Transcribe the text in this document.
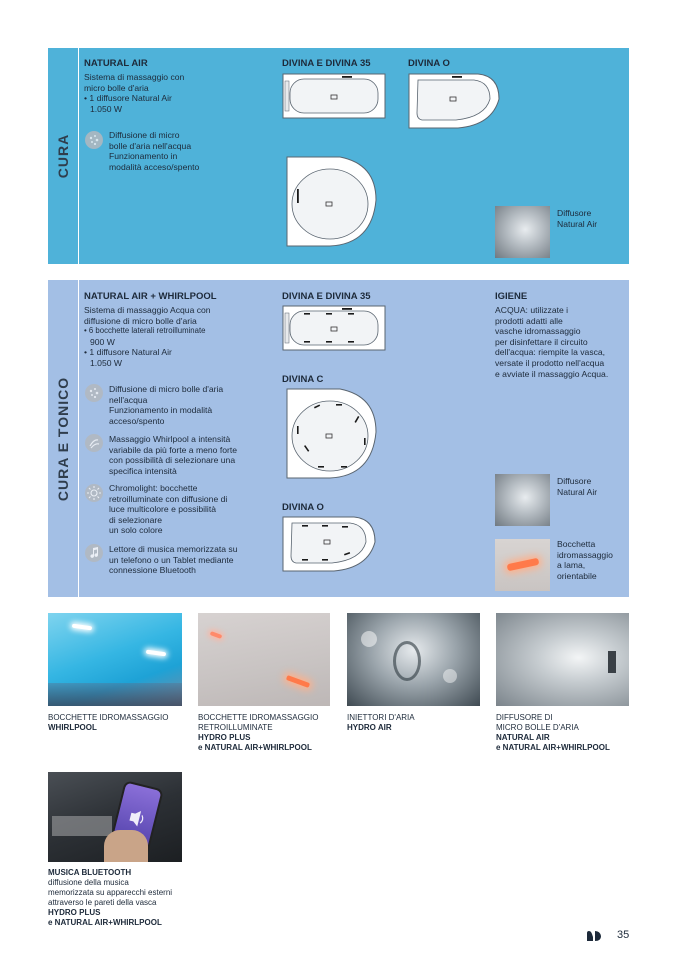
CURA
NATURAL AIR
Sistema di massaggio con
micro bolle d'aria
• 1 diffusore Natural Air
1.050 W
Diffusione di micro
bolle d'aria nell'acqua
Funzionamento in
modalità acceso/spento
DIVINA E DIVINA 35	DIVINA O
Diffusore
Natural Air
CURA E TONICO
NATURAL AIR + WHIRLPOOL
Sistema di massaggio Acqua con
diffusione di micro bolle d'aria
• 6 bocchette laterali retroilluminate
900 W
• 1 diffusore Natural Air
1.050 W
Diffusione di micro bolle d'aria
nell'acqua
Funzionamento in modalità
acceso/spento
Massaggio Whirlpool a intensità
variabile da più forte a meno forte
con possibilità di selezionare una
specifica intensità
Chromolight: bocchette
retroilluminate con diffusione di
luce multicolore e possibilità
di selezionare
un solo colore
Lettore di musica memorizzata su
un telefono o un Tablet mediante
connessione Bluetooth
DIVINA E DIVINA 35
DIVINA C
DIVINA O
IGIENE
ACQUA: utilizzate i
prodotti adatti alle
vasche idromassaggio
per disinfettare il circuito
dell'acqua: riempite la vasca,
versate il prodotto nell'acqua
e avviate il massaggio Acqua.
Diffusore
Natural Air
Bocchetta
idromassaggio
a lama,
orientabile
BOCCHETTE IDROMASSAGGIO
WHIRLPOOL
BOCCHETTE IDROMASSAGGIO
RETROILLUMINATE
HYDRO PLUS
e NATURAL AIR+WHIRLPOOL
INIETTORI D'ARIA
HYDRO AIR
DIFFUSORE DI
MICRO BOLLE D'ARIA
NATURAL AIR
e NATURAL AIR+WHIRLPOOL
MUSICA BLUETOOTH
diffusione della musica
memorizzata su apparecchi esterni
attraverso le pareti della vasca
HYDRO PLUS
e NATURAL AIR+WHIRLPOOL
35
